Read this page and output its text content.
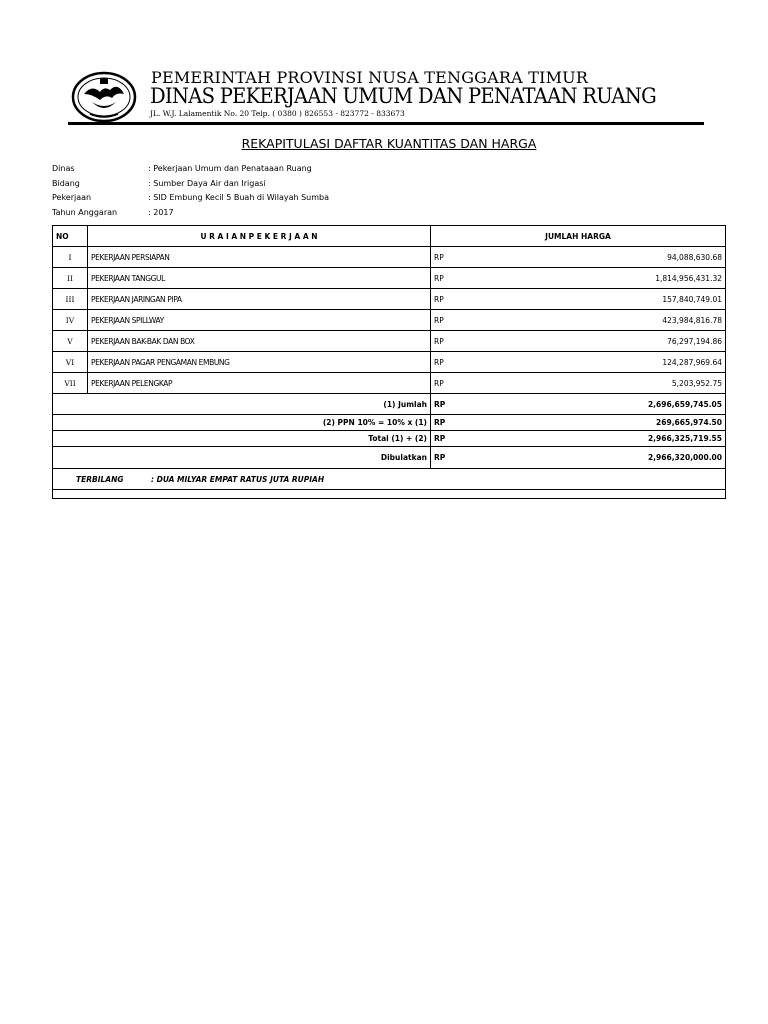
PEMERINTAH PROVINSI NUSA TENGGARA TIMUR
DINAS PEKERJAAN UMUM DAN PENATAAN RUANG
JL. W.J. Lalamentik No. 20 Telp. ( 0380 ) 826553 - 823772 - 833673
REKAPITULASI DAFTAR KUANTITAS DAN HARGA
Dinas	: Pekerjaan Umum dan Penataaan Ruang
Bidang	: Sumber Daya Air dan Irigasi
Pekerjaan	: SID Embung Kecil 5 Buah di Wilayah Sumba
Tahun Anggaran	: 2017
NO	U R A I A N P E K E R J A A N	JUMLAH HARGA	
I	PEKERJAAN PERSIAPAN	RP	94,088,630.68
II	PEKERJAAN TANGGUL	RP	1,814,956,431.32
III	PEKERJAAN JARINGAN PIPA	RP	157,840,749.01
IV	PEKERJAAN SPILLWAY	RP	423,984,816.78
V	PEKERJAAN BAK-BAK DAN BOX	RP	76,297,194.86
VI	PEKERJAAN PAGAR PENGAMAN EMBUNG	RP	124,287,969.64
VII	PEKERJAAN PELENGKAP	RP	5,203,952.75
(1) Jumlah		RP	2,696,659,745.05
(2) PPN 10% = 10% x (1)		RP	269,665,974.50
Total (1) + (2)		RP	2,966,325,719.55
Dibulatkan		RP	2,966,320,000.00
TERBILANG : DUA MILYAR EMPAT RATUS JUTA RUPIAH			
